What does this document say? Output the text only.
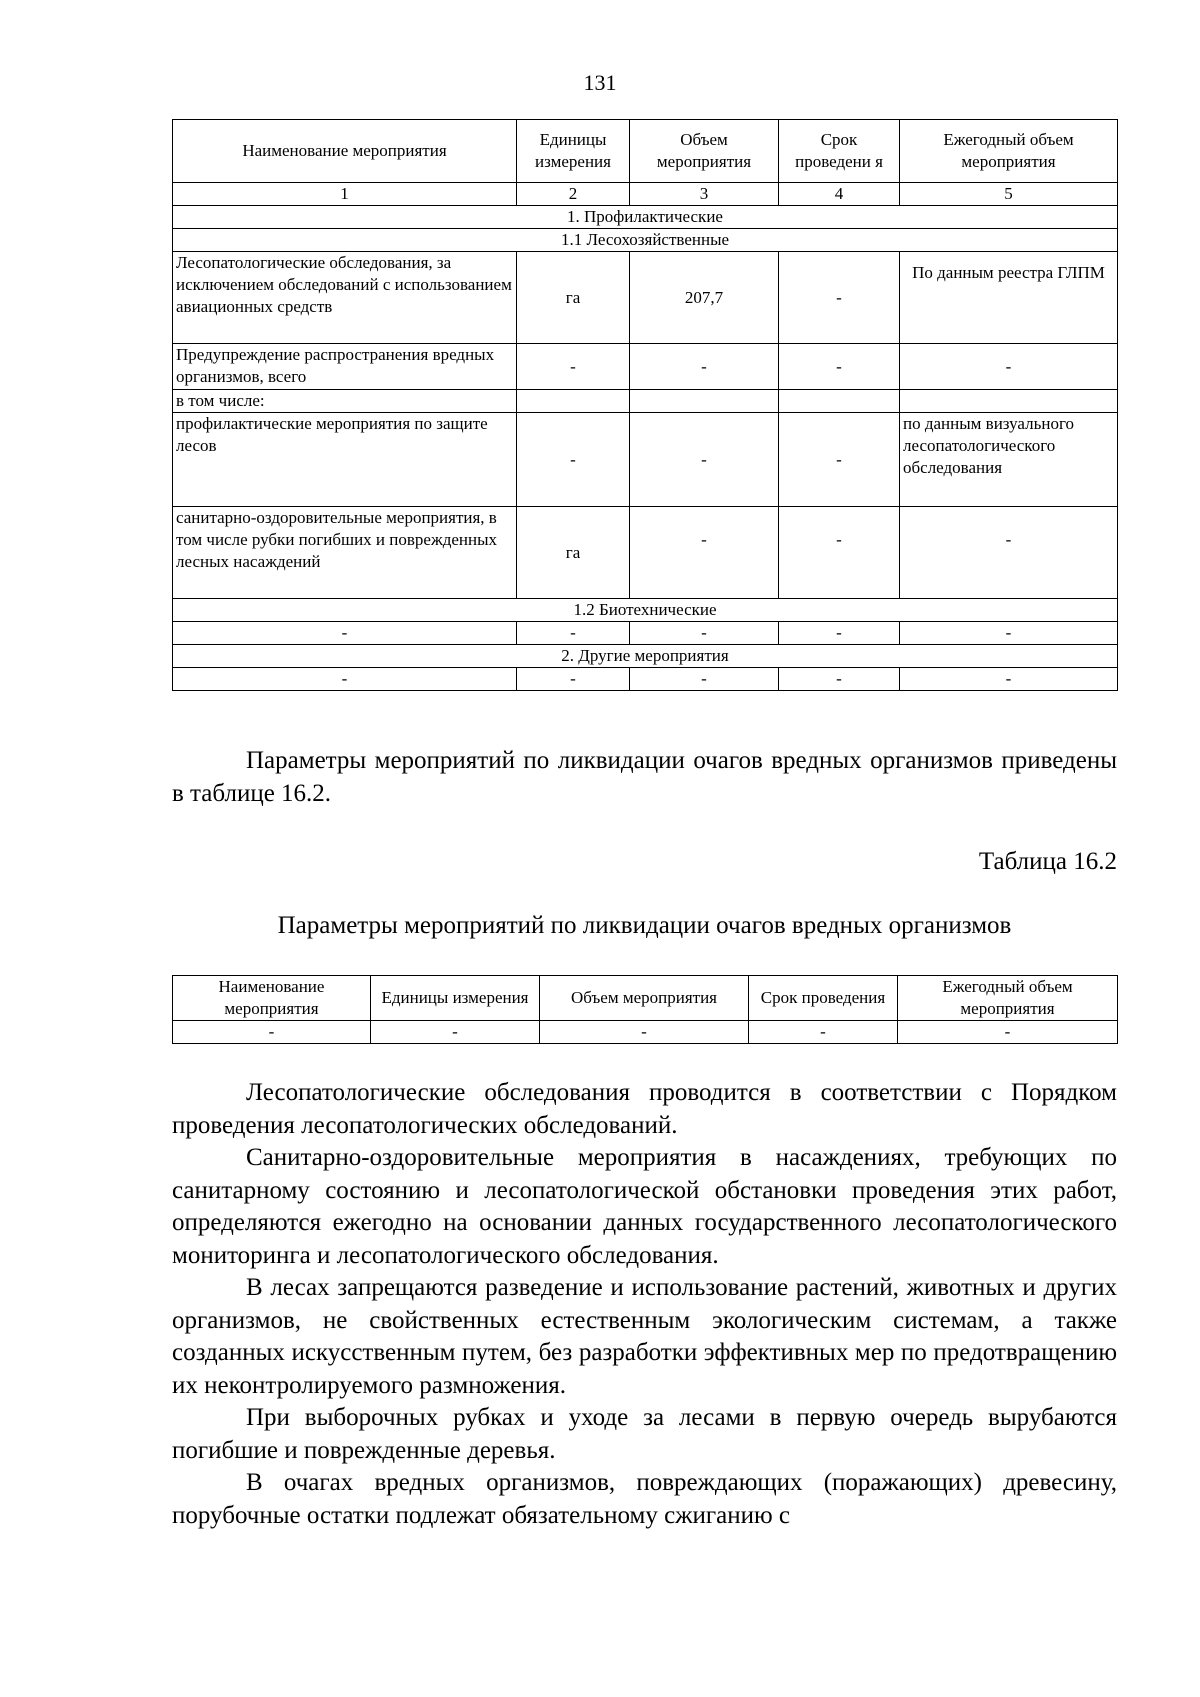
131
Наименование мероприятия	Единицы измерения	Объем мероприятия	Срок проведени я	Ежегодный объем мероприятия
1	2	3	4	5
1. Профилактические				
1.1 Лесохозяйственные				
Лесопатологические обследования, за исключением обследований с использованием авиационных средств	га	207,7	-	По данным реестра ГЛПМ
Предупреждение распространения вредных организмов, всего	-	-	-	-
в том числе:				
профилактические мероприятия по защите лесов	-	-	-	по данным визуального лесопатологического обследования
санитарно-оздоровительные мероприятия, в том числе рубки погибших и поврежденных лесных насаждений	га	-	-	-
1.2 Биотехнические				
-	-	-	-	-
2. Другие мероприятия				
-	-	-	-	-
Параметры мероприятий по ликвидации очагов вредных организмов приведены в таблице 16.2.
Таблица 16.2
Параметры мероприятий по ликвидации очагов вредных организмов
Наименование мероприятия	Единицы измерения	Объем мероприятия	Срок проведения	Ежегодный объем мероприятия
-	-	-	-	-
Лесопатологические обследования проводится в соответствии с Порядком проведения лесопатологических обследований.
Санитарно-оздоровительные мероприятия в насаждениях, требующих по санитарному состоянию и лесопатологической обстановки проведения этих работ, определяются ежегодно на основании данных государственного лесопатологического мониторинга и лесопатологического обследования.
В лесах запрещаются разведение и использование растений, животных и других организмов, не свойственных естественным экологическим системам, а также созданных искусственным путем, без разработки эффективных мер по предотвращению их неконтролируемого размножения.
При выборочных рубках и уходе за лесами в первую очередь вырубаются погибшие и поврежденные деревья.
В очагах вредных организмов, повреждающих (поражающих) древесину, порубочные остатки подлежат обязательному сжиганию с
